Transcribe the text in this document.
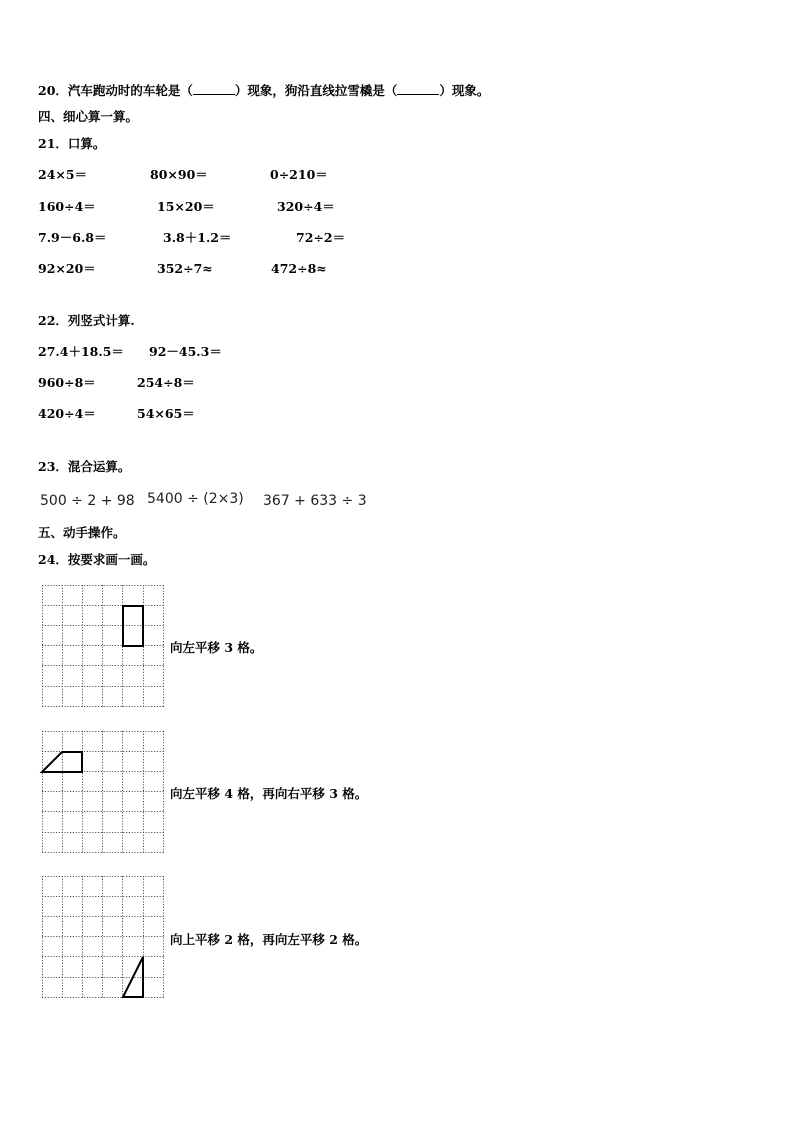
20．汽车跑动时的车轮是（	）现象，狗沿直线拉雪橇是（	）现象。
四、细心算一算。
21．口算。
24×5＝	80×90＝	0÷210＝
160÷4＝	15×20＝	320÷4＝
7.9－6.8＝	3.8＋1.2＝	72÷2＝
92×20＝	352÷7≈	472÷8≈
22．列竖式计算.
27.4＋18.5＝ 92－45.3＝
960÷8＝	254÷8＝
420÷4＝	54×65＝
23．混合运算。
500 ÷ 2 + 98 5400 ÷ (2×3) 367 + 633 ÷ 3
五、动手操作。
24．按要求画一画。
向左平移 3 格。
向左平移 4 格，再向右平移 3 格。
向上平移 2 格，再向左平移 2 格。
